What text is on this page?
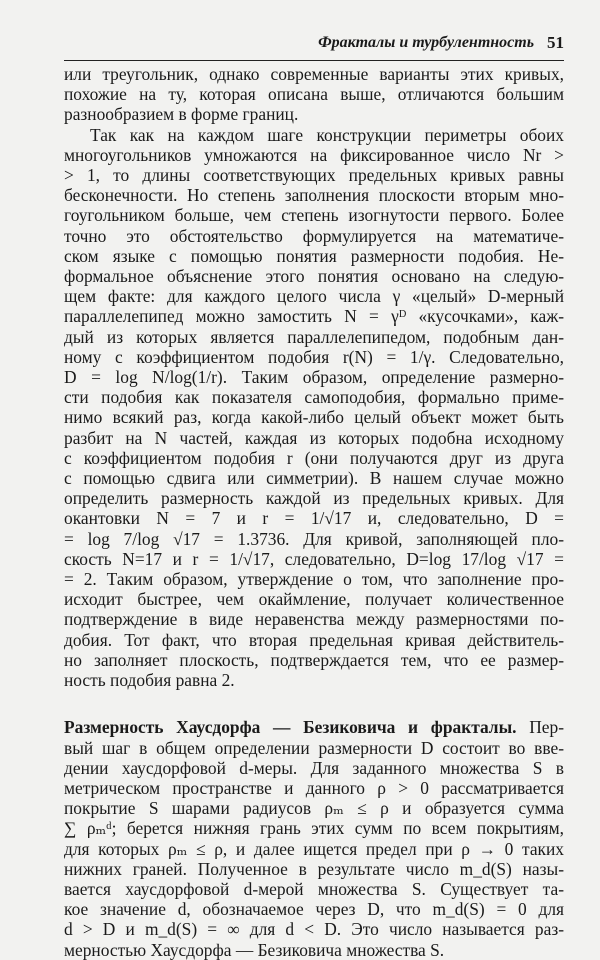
Фракталы и турбулентность 51

или треугольник, однако современные варианты этих кривых,
похожие на ту, которая описана выше, отличаются большим
разнообразием в форме границ.

Так как на каждом шаге конструкции периметры обоих
многоугольников умножаются на фиксированное число Nr >
> 1, то длины соответствующих предельных кривых равны
бесконечности. Но степень заполнения плоскости вторым мно-
гоугольником больше, чем степень изогнутости первого. Более
точно это обстоятельство формулируется на математиче-
ском языке с помощью понятия размерности подобия. Не-
формальное объяснение этого понятия основано на следую-
щем факте: для каждого целого числа γ «целый» D-мерный
параллелепипед можно замостить N = γᴰ «кусочками», каж-
дый из которых является параллелепипедом, подобным дан-
ному с коэффициентом подобия r(N) = 1/γ. Следовательно,
D = log N/log(1/r). Таким образом, определение размерно-
сти подобия как показателя самоподобия, формально приме-
нимо всякий раз, когда какой-либо целый объект может быть
разбит на N частей, каждая из которых подобна исходному
с коэффициентом подобия r (они получаются друг из друга
с помощью сдвига или симметрии). В нашем случае можно
определить размерность каждой из предельных кривых. Для
окантовки N = 7 и r = 1/√17 и, следовательно, D =
= log 7/log √17 = 1.3736. Для кривой, заполняющей пло-
скость N=17 и r = 1/√17, следовательно, D=log 17/log √17 =
= 2. Таким образом, утверждение о том, что заполнение про-
исходит быстрее, чем окаймление, получает количественное
подтверждение в виде неравенства между размерностями по-
добия. Тот факт, что вторая предельная кривая действитель-
но заполняет плоскость, подтверждается тем, что ее размер-
ность подобия равна 2.

Размерность Хаусдорфа — Безиковича и фракталы. Пер-
вый шаг в общем определении размерности D состоит во вве-
дении хаусдорфовой d-меры. Для заданного множества S в
метрическом пространстве и данного ρ > 0 рассматривается
покрытие S шарами радиусов ρₘ ≤ ρ и образуется сумма
∑ ρₘᵈ; берется нижняя грань этих сумм по всем покрытиям,
для которых ρₘ ≤ ρ, и далее ищется предел при ρ → 0 таких
нижних граней. Полученное в результате число m_d(S) назы-
вается хаусдорфовой d-мерой множества S. Существует та-
кое значение d, обозначаемое через D, что m_d(S) = 0 для
d > D и m_d(S) = ∞ для d < D. Это число называется раз-
мерностью Хаусдорфа — Безиковича множества S.
